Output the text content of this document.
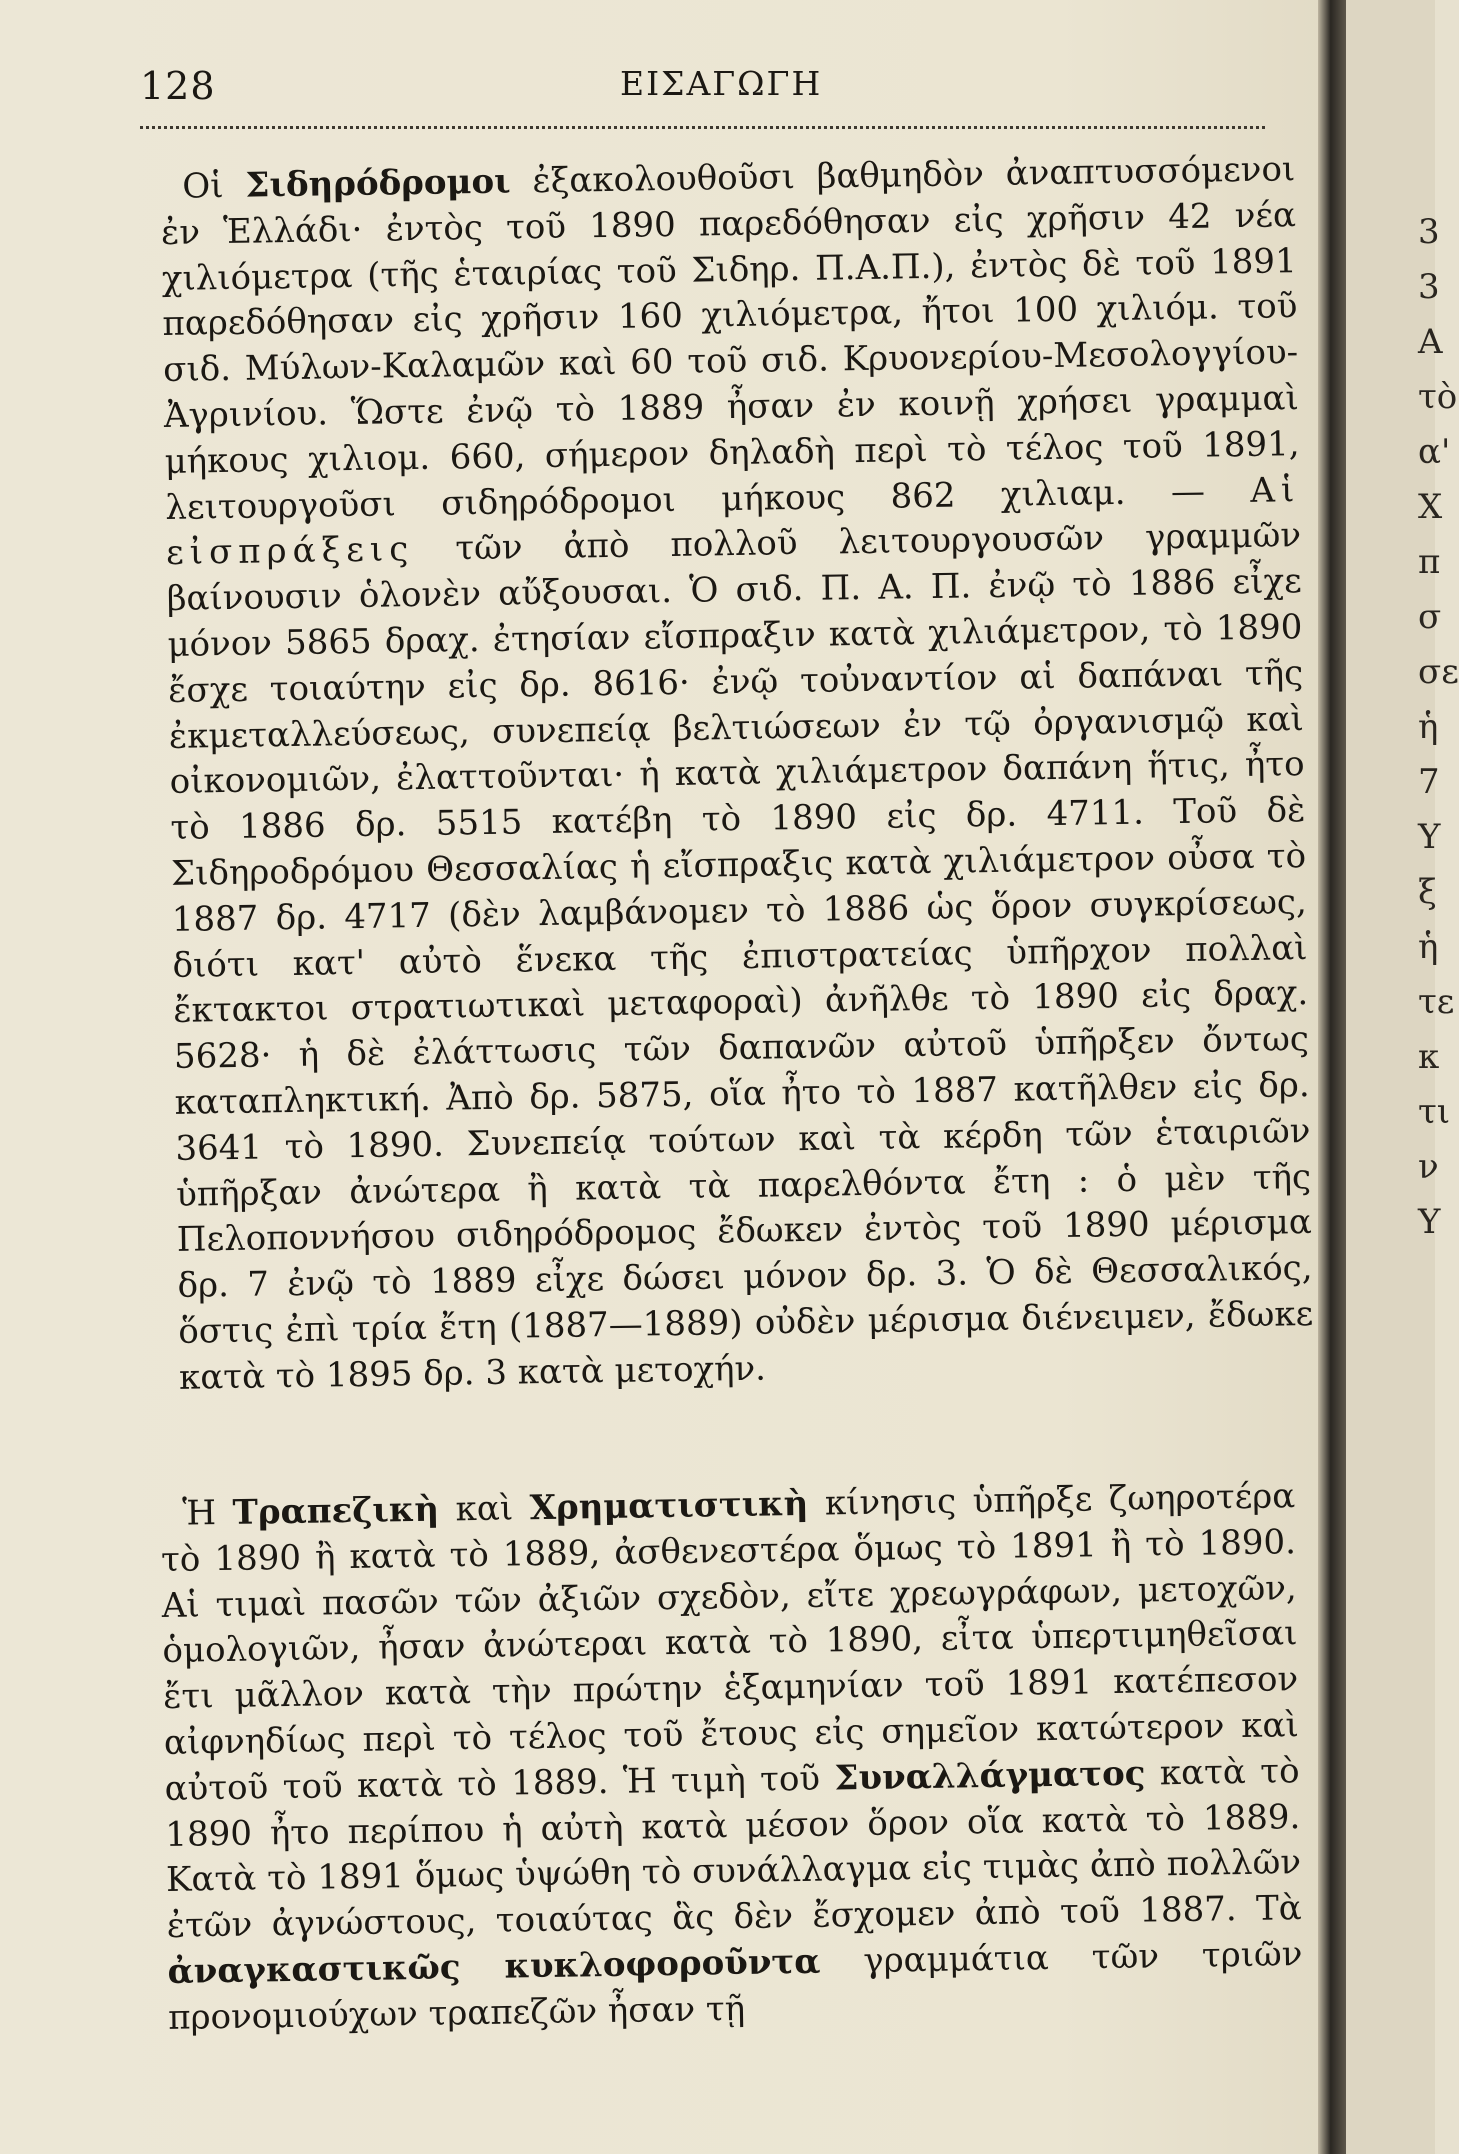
128	ΕΙΣΑΓΩΓΗ

Οἱ Σιδηρόδρομοι ἐξακολουθοῦσι βαθμηδὸν ἀναπτυσσόμενοι ἐν Ἑλλάδι· ἐντὸς τοῦ 1890 παρεδόθησαν εἰς χρῆσιν 42 νέα χιλιόμετρα (τῆς ἑταιρίας τοῦ Σιδηρ. Π.Α.Π.), ἐντὸς δὲ τοῦ 1891 παρεδόθησαν εἰς χρῆσιν 160 χιλιόμετρα, ἤτοι 100 χιλιόμ. τοῦ σιδ. Μύλων-Καλαμῶν καὶ 60 τοῦ σιδ. Κρυονερίου-Μεσολογγίου-Ἀγρινίου. Ὥστε ἐνῷ τὸ 1889 ἦσαν ἐν κοινῇ χρήσει γραμμαὶ μήκους χιλιομ. 660, σήμερον δηλαδὴ περὶ τὸ τέλος τοῦ 1891, λειτουργοῦσι σιδηρόδρομοι μήκους 862 χιλιαμ. — Αἱ εἰσπράξεις τῶν ἀπὸ πολλοῦ λειτουργουσῶν γραμμῶν βαίνουσιν ὁλονὲν αὔξουσαι. Ὁ σιδ. Π. Α. Π. ἐνῷ τὸ 1886 εἶχε μόνον 5865 δραχ. ἐτησίαν εἴσπραξιν κατὰ χιλιάμετρον, τὸ 1890 ἔσχε τοιαύτην εἰς δρ. 8616· ἐνῷ τοὐναντίον αἱ δαπάναι τῆς ἐκμεταλλεύσεως, συνεπείᾳ βελτιώσεων ἐν τῷ ὀργανισμῷ καὶ οἰκονομιῶν, ἐλαττοῦνται· ἡ κατὰ χιλιάμετρον δαπάνη ἥτις, ἦτο τὸ 1886 δρ. 5515 κατέβη τὸ 1890 εἰς δρ. 4711. Τοῦ δὲ Σιδηροδρόμου Θεσσαλίας ἡ εἴσπραξις κατὰ χιλιάμετρον οὖσα τὸ 1887 δρ. 4717 (δὲν λαμβάνομεν τὸ 1886 ὡς ὅρον συγκρίσεως, διότι κατ' αὐτὸ ἕνεκα τῆς ἐπιστρατείας ὑπῆρχον πολλαὶ ἔκτακτοι στρατιωτικαὶ μεταφοραὶ) ἀνῆλθε τὸ 1890 εἰς δραχ. 5628· ἡ δὲ ἐλάττωσις τῶν δαπανῶν αὐτοῦ ὑπῆρξεν ὄντως καταπληκτική. Ἀπὸ δρ. 5875, οἵα ἦτο τὸ 1887 κατῆλθεν εἰς δρ. 3641 τὸ 1890. Συνεπείᾳ τούτων καὶ τὰ κέρδη τῶν ἑταιριῶν ὑπῆρξαν ἀνώτερα ἢ κατὰ τὰ παρελθόντα ἔτη : ὁ μὲν τῆς Πελοποννήσου σιδηρόδρομος ἔδωκεν ἐντὸς τοῦ 1890 μέρισμα δρ. 7 ἐνῷ τὸ 1889 εἶχε δώσει μόνον δρ. 3. Ὁ δὲ Θεσσαλικός, ὅστις ἐπὶ τρία ἔτη (1887—1889) οὐδὲν μέρισμα διένειμεν, ἔδωκε κατὰ τὸ 1895 δρ. 3 κατὰ μετοχήν.

Ἡ Τραπεζικὴ καὶ Χρηματιστικὴ κίνησις ὑπῆρξε ζωηροτέρα τὸ 1890 ἢ κατὰ τὸ 1889, ἀσθενεστέρα ὅμως τὸ 1891 ἢ τὸ 1890. Αἱ τιμαὶ πασῶν τῶν ἀξιῶν σχεδὸν, εἴτε χρεωγράφων, μετοχῶν, ὁμολογιῶν, ἦσαν ἀνώτεραι κατὰ τὸ 1890, εἶτα ὑπερτιμηθεῖσαι ἔτι μᾶλλον κατὰ τὴν πρώτην ἑξαμηνίαν τοῦ 1891 κατέπεσον αἰφνηδίως περὶ τὸ τέλος τοῦ ἔτους εἰς σημεῖον κατώτερον καὶ αὐτοῦ τοῦ κατὰ τὸ 1889. Ἡ τιμὴ τοῦ Συναλλάγματος κατὰ τὸ 1890 ἦτο περίπου ἡ αὐτὴ κατὰ μέσον ὅρον οἵα κατὰ τὸ 1889. Κατὰ τὸ 1891 ὅμως ὑψώθη τὸ συνάλλαγμα εἰς τιμὰς ἀπὸ πολλῶν ἐτῶν ἀγνώστους, τοιαύτας ἃς δὲν ἔσχομεν ἀπὸ τοῦ 1887. Τὰ ἀναγκαστικῶς κυκλοφοροῦντα γραμμάτια τῶν τριῶν προνομιούχων τραπεζῶν ἦσαν τῇ

3
3
A
τὸ
α'
Χ
π
σ
σε
ἡ
7
Y
ξ
ἡ
τε
κ
τι
ν
Υ
